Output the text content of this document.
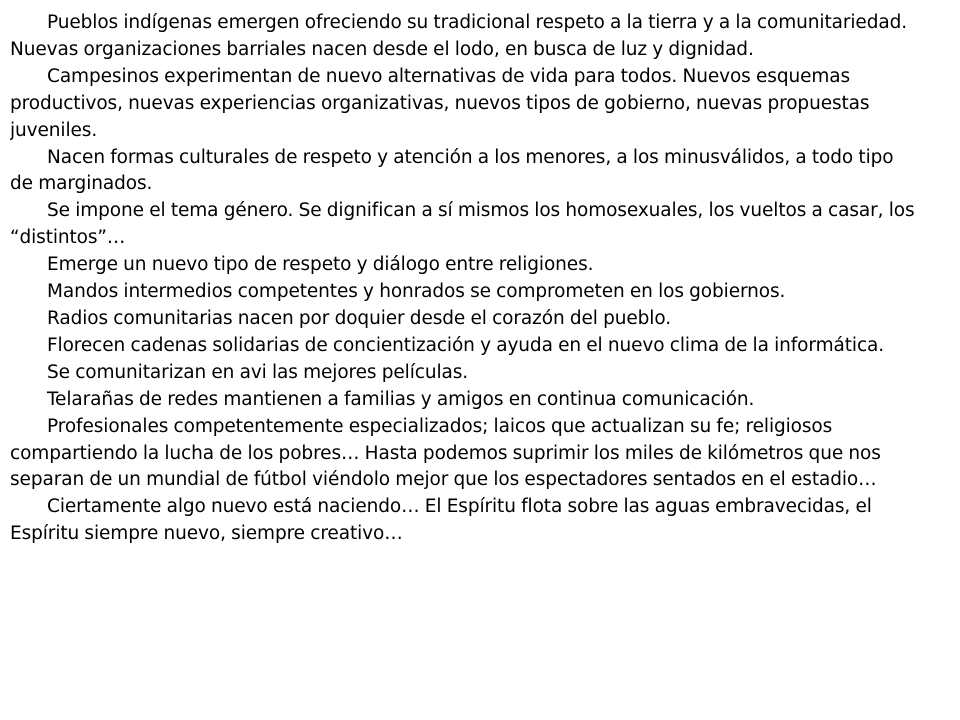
Pueblos indígenas emergen ofreciendo su tradicional respeto a la tierra y a la comunitariedad. Nuevas organizaciones barriales nacen desde el lodo, en busca de luz y dignidad.

Campesinos experimentan de nuevo alternativas de vida para todos. Nuevos esquemas productivos, nuevas experiencias organizativas, nuevos tipos de gobierno, nuevas propuestas juveniles.

Nacen formas culturales de respeto y atención a los menores, a los minusválidos, a todo tipo de marginados.

Se impone el tema género. Se dignifican a sí mismos los homosexuales, los vueltos a casar, los “distintos”…

Emerge un nuevo tipo de respeto y diálogo entre religiones.

Mandos intermedios competentes y honrados se comprometen en los gobiernos.

Radios comunitarias nacen por doquier desde el corazón del pueblo.

Florecen cadenas solidarias de concientización y ayuda en el nuevo clima de la informática.

Se comunitarizan en avi las mejores películas.

Telarañas de redes mantienen a familias y amigos en continua comunicación.

Profesionales competentemente especializados; laicos que actualizan su fe; religiosos compartiendo la lucha de los pobres… Hasta podemos suprimir los miles de kilómetros que nos separan de un mundial de fútbol viéndolo mejor que los espectadores sentados en el estadio…

Ciertamente algo nuevo está naciendo… El Espíritu flota sobre las aguas embravecidas, el Espíritu siempre nuevo, siempre creativo…
